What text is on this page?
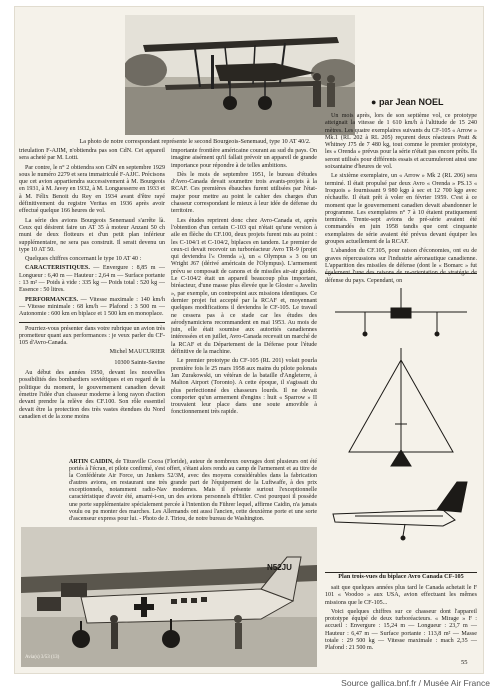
● par Jean NOEL
La photo de notre correspondant représente le second Bourgeois-Senemaud, type 10 AT 40/2.

trieulation F-AJIM, n'obtiendra pas son CdN. Cet appareil sera acheté par M. Lotti.

Par contre, le n° 2 obtiendra son CdN en septembre 1929 sous le numéro 2279 et sera immatriculé F-AJJC. Précisons que cet avion appartiendra successivement à M. Bourgeois en 1931, à M. Javey en 1932, à M. Longuesserre en 1933 et à M. Félix Benoit du Rey en 1934 avant d'être rayé définitivement du registre Veritas en 1936 après avoir effectué quelque 166 heures de vol.

La série des avions Bourgeois Senemaud s'arrête là. Ceux qui désirent faire un AT 35 à moteur Anzani 50 ch muni de deux flotteurs et d'un petit plan inférieur supplémentaire, ne sera pas construit. Il serait devenu un type 10 AT 50.

Quelques chiffres concernant le type 10 AT 40 :

CARACTERISTIQUES. — Envergure : 8,85 m — Longueur : 6,40 m — Hauteur : 2,64 m — Surface portante : 13 m² — Poids à vide : 335 kg — Poids total : 520 kg — Essence : 50 litres.

PERFORMANCES. — Vitesse maximale : 140 km/h — Vitesse minimale : 68 km/h — Plafond : 3 500 m — Autonomie : 600 km en biplace et 1 500 km en monoplace.

Pourriez-vous présenter dans votre rubrique un avion très prometteur quant aux performances : je veux parler du CF-105 d'Avro-Canada.

Michel MAUCURIER
10300 Sainte-Savine

Au début des années 1950, devant les nouvelles possibilités des bombardiers soviétiques et en regard de la politique du moment, le gouvernement canadien devait émettre l'idée d'un chasseur moderne à long rayon d'action devant prendre la relève des CF.100. Son rôle essentiel devait être la protection des très vastes étendues du Nord canadien et de la zone moins

importante frontière américaine courant au sud du pays. On imagine aisément qu'il fallait prévoir un appareil de grande importance pour répondre à de telles ambitions.

Dès le mois de septembre 1951, le bureau d'études d'Avro-Canada devait soumettre trois avants-projets à la RCAF. Ces premières ébauches furent utilisées par l'état-major pour mettre au point le cahier des charges d'un chasseur correspondant le mieux à leur idée de défense du territoire.

Les études reprirent donc chez Avro-Canada et, après l'obtention d'un certain C-103 qui n'était qu'une version à aile en flèche du CF.100, deux projets furent mis au point : les C-104/1 et C-104/2, biplaces en tandem. Le premier de ceux-ci devait recevoir un turboréacteur Avro TR-9 (projet qui deviendra l'« Orenda »), un « Olympus » 3 ou un Wright J67 (dérivé américain de l'Olympus). L'armement prévu se composait de canons et de missiles air-air guidés. Le C-104/2 était un appareil beaucoup plus important, biréacteur, d'une masse plus élevée que le Gloster « Javelin », par exemple, un contrepoint aux missions identiques. Ce dernier projet fut accepté par la RCAF et, moyennant quelques modifications il deviendra le CF-105. Le travail ne cessera pas à ce stade car les études des aérodynamiciens recommandent en mai 1953. Au mois de juin, elle était soumise aux autorités canadiennes intéressées et en juillet, Avro-Canada recevait un marché de la RCAF et du Département de la Défense pour l'étude définitive de la machine.

Le premier prototype du CF-105 (RL 201) volait pourla première fois le 25 mars 1958 aux mains du pilote polonais Jan Zurakowski, un vétéran de la bataille d'Angleterre, à Malton Airport (Toronto). A cette époque, il s'agissait du plus perfectionné des chasseurs lourds. Il ne devait comporter qu'un armement d'engins : huit « Sparrow » II trouvaient leur place dans une soute amovible à fonctionnement très rapide.

Un mois après, lors de son septième vol, ce prototype atteignait la vitesse de 1 610 km/h à l'altitude de 15 240 mètres. Les quatre exemplaires suivants du CF-105 « Arrow » Mk.1 (RL 202 à RL 205) reçurent deux réacteurs Pratt & Whitney J75 de 7 480 kg, tout comme le premier prototype, les « Orenda » prévus pour la série n'était pas encore prêts. Ils seront utilisés pour différents essais et accumuleront ainsi une soixantaine d'heures de vol.

Le sixième exemplaire, un « Arrow » Mk 2 (RL 206) sera terminé. Il était propulsé par deux Avro « Orenda » PS.13 « Iroquois » fournissant 9 980 kgp à sec et 12 700 kgp avec réchauffe. Il était prêt à voler en février 1959. C'est à ce moment que le gouvernement canadien devait abandonner le programme. Les exemplaires n° 7 à 10 étaient pratiquement terminés. Trente-sept avions de pré-série avaient été commandés en juin 1958 tandis que cent cinquante exemplaires de série avaient été prévus devant équiper les groupes actuellement de la RCAF.

L'abandon du CF.105, pour raison d'économies, ont eu de graves répercussions sur l'industrie aéronautique canadienne. L'apparition des missiles de défense (dont le « Bomarc » fut également l'une des raisons de re-orientation de stratégie de défense du pays. Cependant, on

Plan trois-vues du biplace Avro Canada CF-105

sait que quelques années plus tard le Canada achetait le F 101 « Voodoo » aux USA, avion effectuant les mêmes missions que le CF-105...

Voici quelques chiffres sur ce chasseur dont l'appareil prototype équipé de deux turboréacteurs. « Mirage » F : accueil : Envergure : 15,24 m — Longueur : 23,7 m — Hauteur : 6,47 m — Surface portante : 113,8 m² — Masse totale : 29 500 kg — Vitesse maximale : mach 2,35 — Plafond : 21 500 m.

ARTIN CAIDIN, de Titusville Cocoa (Floride), auteur de nombreux ouvrages dont plusieurs ont été portés à l'écran, et pilote confirmé, s'est offert, s'étant alors rendu au camp de l'armement et au titre de la Confédérate Air Force, un Junkers 52/3M, avec des moyens considérables dans la fabrication d'autres avions, en restaurant une très grande part de l'équipement de la Luftwaffe, à des prix exceptionnels, notamment radio-Nav modernes. Mais il présente surtout l'exceptionnelle caractéristique d'avoir été, amarré-t-on, un des avions personnels d'Hitler. C'est pourquoi il possède une porte supplémentaire spécialement percée à l'intention du Führer lequel, affirme Caidin, n'a jamais voulu ou pu monter des marches. Les Allemands ont aussi l'ancien, cette deuxième porte et une sorte d'ascenseur express pour lui. - Photo de J. Tiriou, de notre bureau de Washington.

N52JU
Avia(s) 3/53 (13)
55
Source gallica.bnf.fr / Musée Air France
